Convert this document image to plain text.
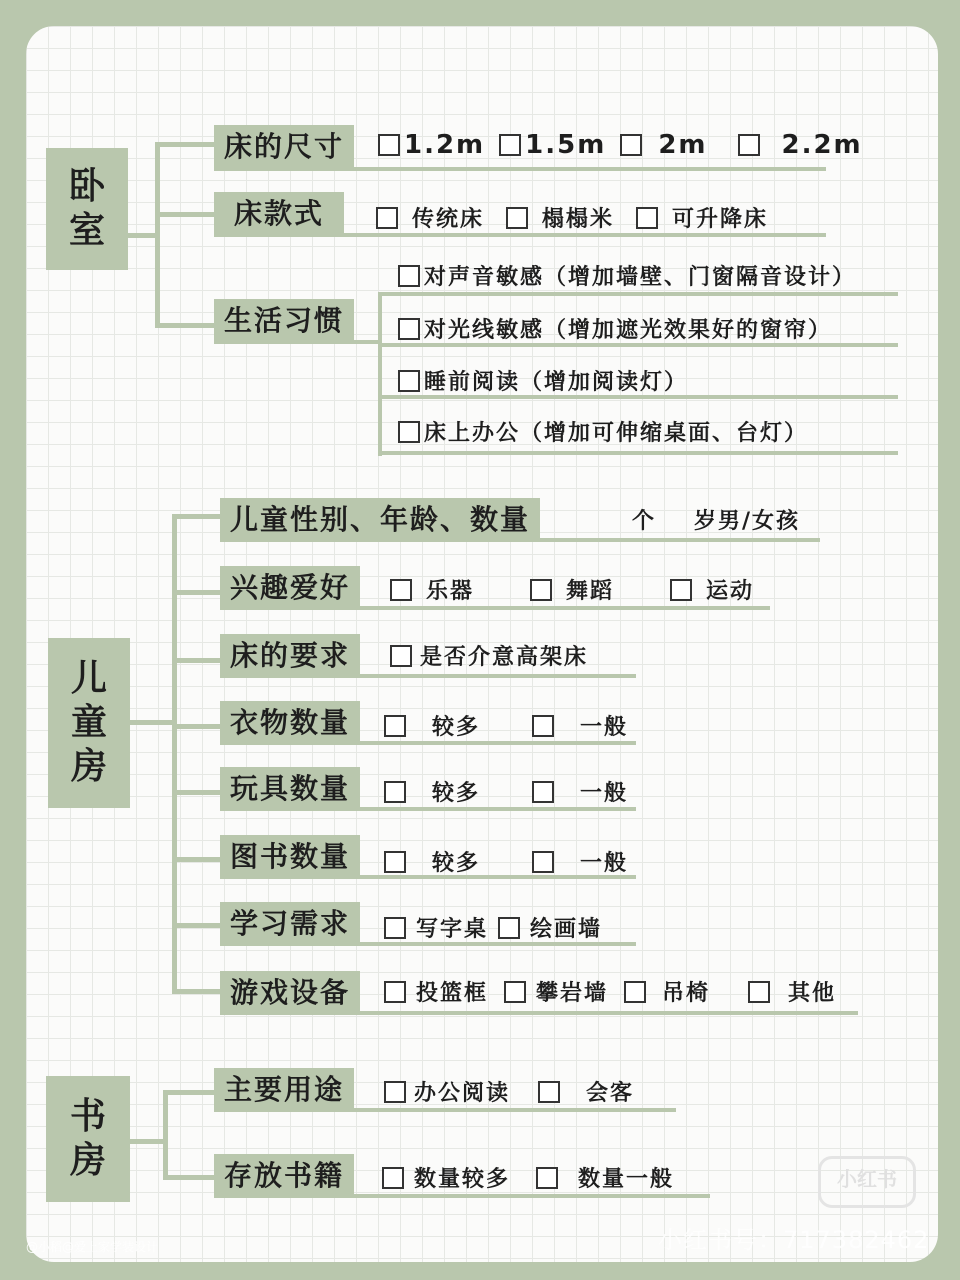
卧
室
床的尺寸	1.2m 1.5m 2m	2.2m
床款式	传统床	榻榻米	可升降床
生活习惯
对声音敏感（增加墙壁、门窗隔音设计）
对光线敏感（增加遮光效果好的窗帘）
睡前阅读（增加阅读灯）
床上办公（增加可伸缩桌面、台灯）
儿
童
房
儿童性别、年龄、数量	个 岁男/女孩
兴趣爱好	乐器	舞蹈	运动
床的要求	是否介意高架床
衣物数量	较多	一般
玩具数量	较多	一般
图书数量	较多	一般
学习需求	写字桌 绘画墙
游戏设备	投篮框 攀岩墙 吊椅	其他
书
房
主要用途	办公阅读	会客
存放书籍	数量较多	数量一般	小红书
小红书号：717382462
@小稻@爱上家学装设计
